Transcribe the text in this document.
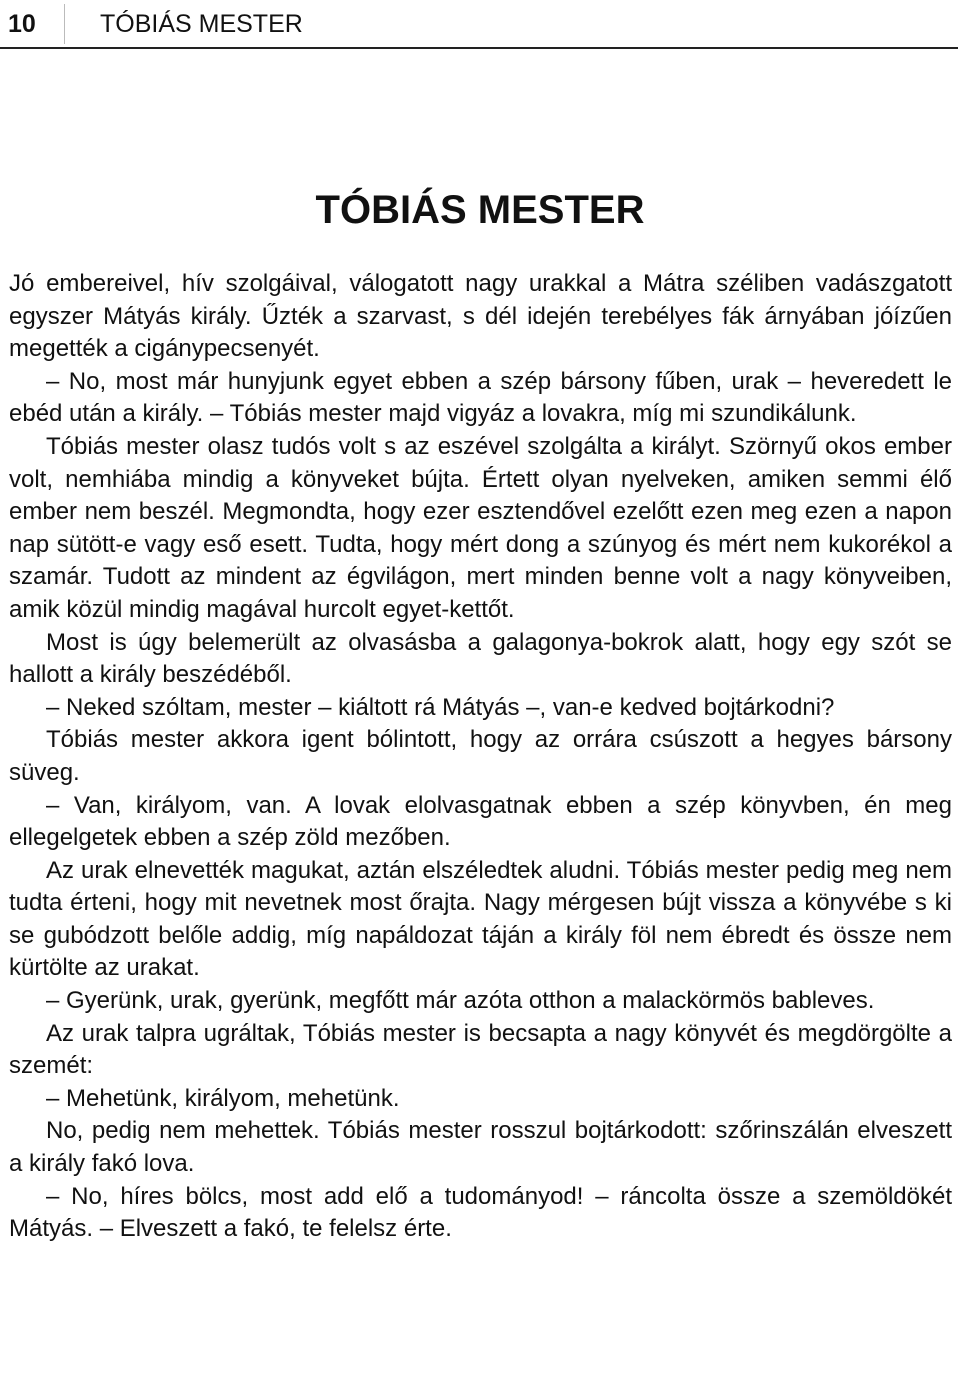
10	TÓBIÁS MESTER
TÓBIÁS MESTER

Jó embereivel, hív szolgáival, válogatott nagy urakkal a Mátra széliben vadászgatott egyszer Mátyás király. Űzték a szarvast, s dél idején terebélyes fák árnyában jóízűen megették a cigánypecsenyét.

– No, most már hunyjunk egyet ebben a szép bársony fűben, urak – heveredett le ebéd után a király. – Tóbiás mester majd vigyáz a lovakra, míg mi szundikálunk.

Tóbiás mester olasz tudós volt s az eszével szolgálta a királyt. Szörnyű okos ember volt, nemhiába mindig a könyveket bújta. Értett olyan nyelveken, amiken semmi élő ember nem beszél. Megmondta, hogy ezer esztendővel ezelőtt ezen meg ezen a napon nap sütött-e vagy eső esett. Tudta, hogy mért dong a szúnyog és mért nem kukorékol a szamár. Tudott az mindent az égvilágon, mert minden benne volt a nagy könyveiben, amik közül mindig magával hurcolt egyet-kettőt.

Most is úgy belemerült az olvasásba a galagonya-bokrok alatt, hogy egy szót se hallott a király beszédéből.

– Neked szóltam, mester – kiáltott rá Mátyás –, van-e kedved bojtárkodni?

Tóbiás mester akkora igent bólintott, hogy az orrára csúszott a hegyes bársony süveg.

– Van, királyom, van. A lovak elolvasgatnak ebben a szép könyvben, én meg ellegelgetek ebben a szép zöld mezőben.

Az urak elnevették magukat, aztán elszéledtek aludni. Tóbiás mester pedig meg nem tudta érteni, hogy mit nevetnek most őrajta. Nagy mérgesen bújt vissza a könyvébe s ki se gubódzott belőle addig, míg napáldozat táján a király föl nem ébredt és össze nem kürtölte az urakat.

– Gyerünk, urak, gyerünk, megfőtt már azóta otthon a malackörmös bableves.

Az urak talpra ugráltak, Tóbiás mester is becsapta a nagy könyvét és megdörgölte a szemét:

– Mehetünk, királyom, mehetünk.

No, pedig nem mehettek. Tóbiás mester rosszul bojtárkodott: szőrinszálán elveszett a király fakó lova.

– No, híres bölcs, most add elő a tudományod! – ráncolta össze a szemöldökét Mátyás. – Elveszett a fakó, te felelsz érte.
